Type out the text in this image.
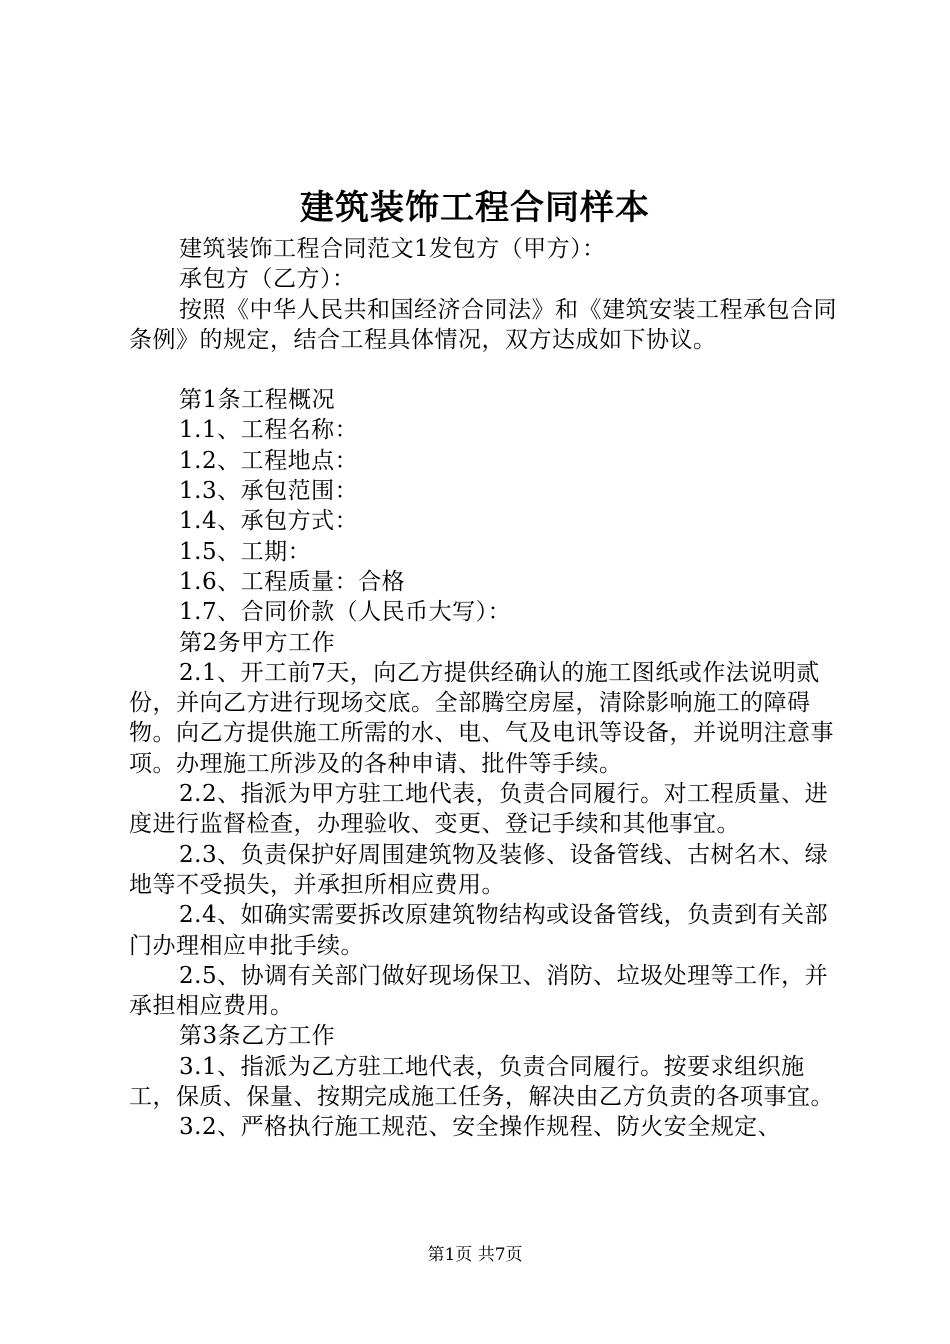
建筑装饰工程合同样本

建筑装饰工程合同范文1发包方（甲方）：

承包方（乙方）：

按照《中华人民共和国经济合同法》和《建筑安装工程承包合同条例》的规定，结合工程具体情况，双方达成如下协议。

第1条工程概况

1.1、工程名称：

1.2、工程地点：

1.3、承包范围：

1.4、承包方式：

1.5、工期：

1.6、工程质量：合格

1.7、合同价款（人民币大写）：

第2务甲方工作

2.1、开工前7天，向乙方提供经确认的施工图纸或作法说明贰份，并向乙方进行现场交底。全部腾空房屋，清除影响施工的障碍物。向乙方提供施工所需的水、电、气及电讯等设备，并说明注意事项。办理施工所涉及的各种申请、批件等手续。

2.2、指派为甲方驻工地代表，负责合同履行。对工程质量、进度进行监督检查，办理验收、变更、登记手续和其他事宜。

2.3、负责保护好周围建筑物及装修、设备管线、古树名木、绿地等不受损失，并承担所相应费用。

2.4、如确实需要拆改原建筑物结构或设备管线，负责到有关部门办理相应申批手续。

2.5、协调有关部门做好现场保卫、消防、垃圾处理等工作，并承担相应费用。

第3条乙方工作

3.1、指派为乙方驻工地代表，负责合同履行。按要求组织施工，保质、保量、按期完成施工任务，解决由乙方负责的各项事宜。

3.2、严格执行施工规范、安全操作规程、防火安全规定、

第1页 共7页
